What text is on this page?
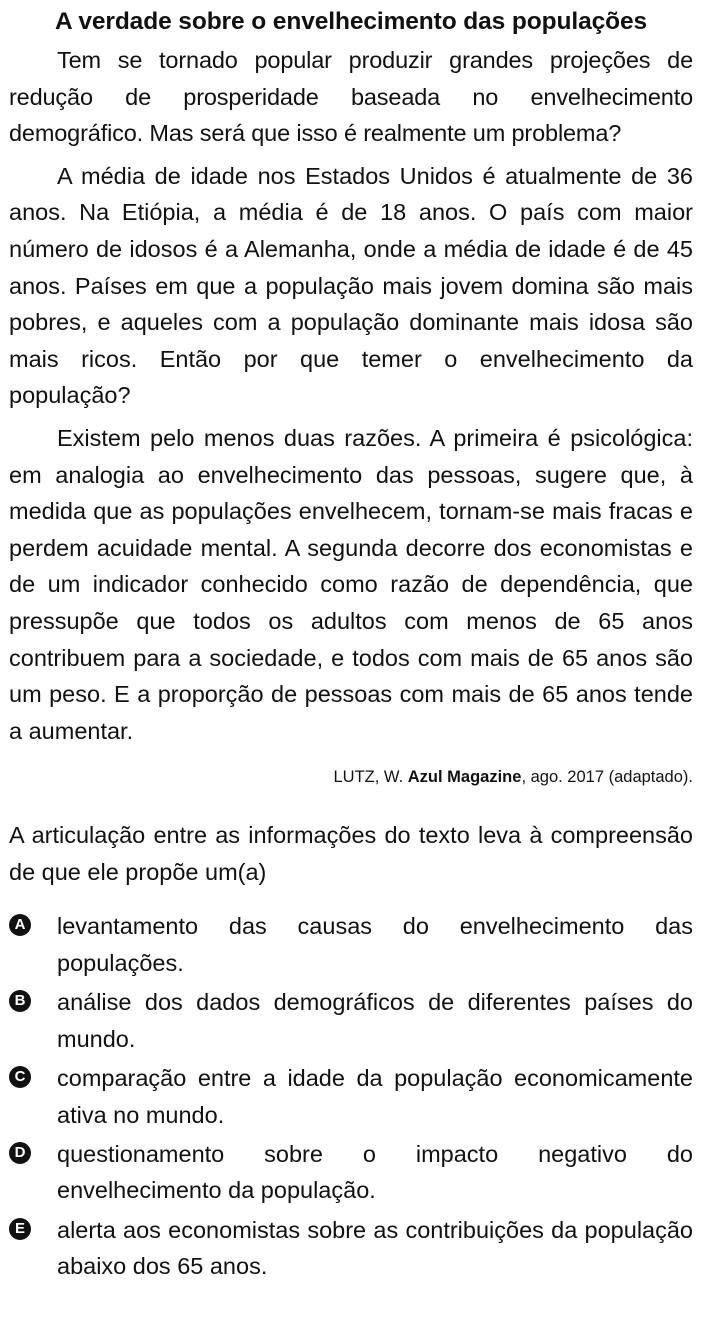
A verdade sobre o envelhecimento das populações

Tem se tornado popular produzir grandes projeções de redução de prosperidade baseada no envelhecimento demográfico. Mas será que isso é realmente um problema?

A média de idade nos Estados Unidos é atualmente de 36 anos. Na Etiópia, a média é de 18 anos. O país com maior número de idosos é a Alemanha, onde a média de idade é de 45 anos. Países em que a população mais jovem domina são mais pobres, e aqueles com a população dominante mais idosa são mais ricos. Então por que temer o envelhecimento da população?

Existem pelo menos duas razões. A primeira é psicológica: em analogia ao envelhecimento das pessoas, sugere que, à medida que as populações envelhecem, tornam-se mais fracas e perdem acuidade mental. A segunda decorre dos economistas e de um indicador conhecido como razão de dependência, que pressupõe que todos os adultos com menos de 65 anos contribuem para a sociedade, e todos com mais de 65 anos são um peso. E a proporção de pessoas com mais de 65 anos tende a aumentar.

LUTZ, W. Azul Magazine, ago. 2017 (adaptado).

A articulação entre as informações do texto leva à compreensão de que ele propõe um(a)

A levantamento das causas do envelhecimento das populações.
B análise dos dados demográficos de diferentes países do mundo.
C comparação entre a idade da população economicamente ativa no mundo.
D questionamento sobre o impacto negativo do envelhecimento da população.
E alerta aos economistas sobre as contribuições da população abaixo dos 65 anos.
